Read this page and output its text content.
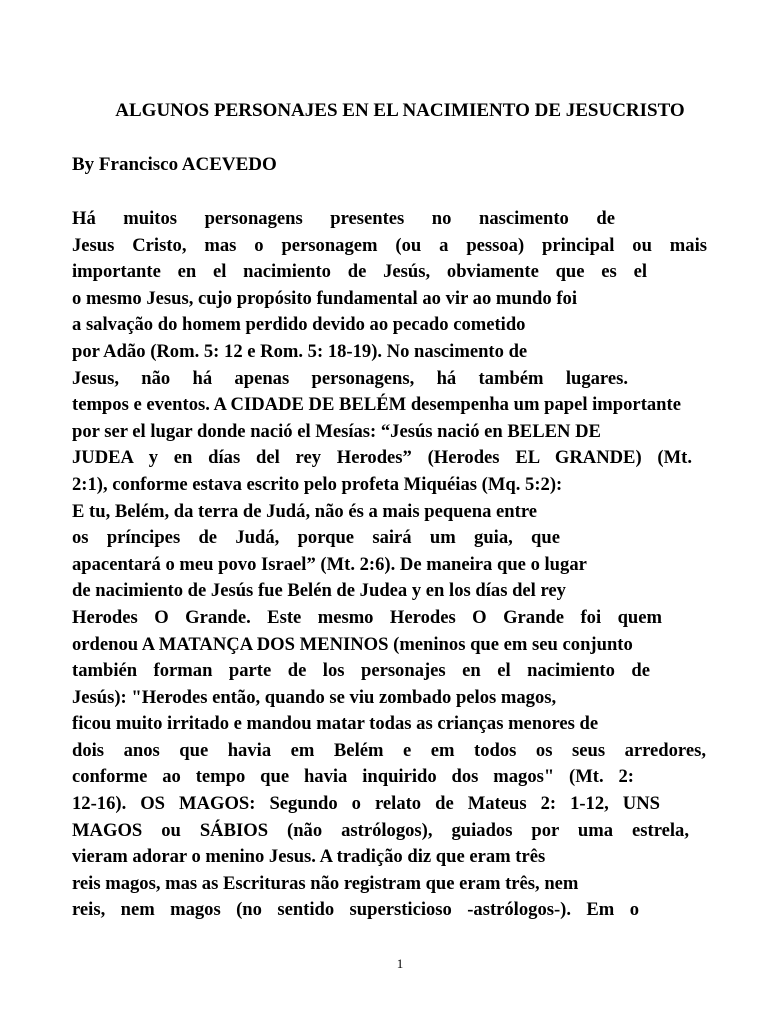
ALGUNOS PERSONAJES EN EL NACIMIENTO DE JESUCRISTO
By Francisco ACEVEDO
Há muitos personagens presentes no nascimento de
Jesus Cristo, mas o personagem (ou a pessoa) principal ou mais
importante en el nacimiento de Jesús, obviamente que es el
o mesmo Jesus, cujo propósito fundamental ao vir ao mundo foi
a salvação do homem perdido devido ao pecado cometido
por Adão (Rom. 5: 12 e Rom. 5: 18-19). No nascimento de
Jesus, não há apenas personagens, há também lugares.
tempos e eventos. A CIDADE DE BELÉM desempenha um papel importante
por ser el lugar donde nació el Mesías: “Jesús nació en BELEN DE
JUDEA y en días del rey Herodes” (Herodes EL GRANDE) (Mt.
2:1), conforme estava escrito pelo profeta Miquéias (Mq. 5:2):
E tu, Belém, da terra de Judá, não és a mais pequena entre
os príncipes de Judá, porque sairá um guia, que
apacentará o meu povo Israel” (Mt. 2:6). De maneira que o lugar
de nacimiento de Jesús fue Belén de Judea y en los días del rey
Herodes O Grande. Este mesmo Herodes O Grande foi quem
ordenou A MATANÇA DOS MENINOS (meninos que em seu conjunto
también forman parte de los personajes en el nacimiento de
Jesús): "Herodes então, quando se viu zombado pelos magos,
ficou muito irritado e mandou matar todas as crianças menores de
dois anos que havia em Belém e em todos os seus arredores,
conforme ao tempo que havia inquirido dos magos" (Mt. 2:
12-16). OS MAGOS: Segundo o relato de Mateus 2: 1-12, UNS
MAGOS ou SÁBIOS (não astrólogos), guiados por uma estrela,
vieram adorar o menino Jesus. A tradição diz que eram três
reis magos, mas as Escrituras não registram que eram três, nem
reis, nem magos (no sentido supersticioso -astrólogos-). Em o
1
